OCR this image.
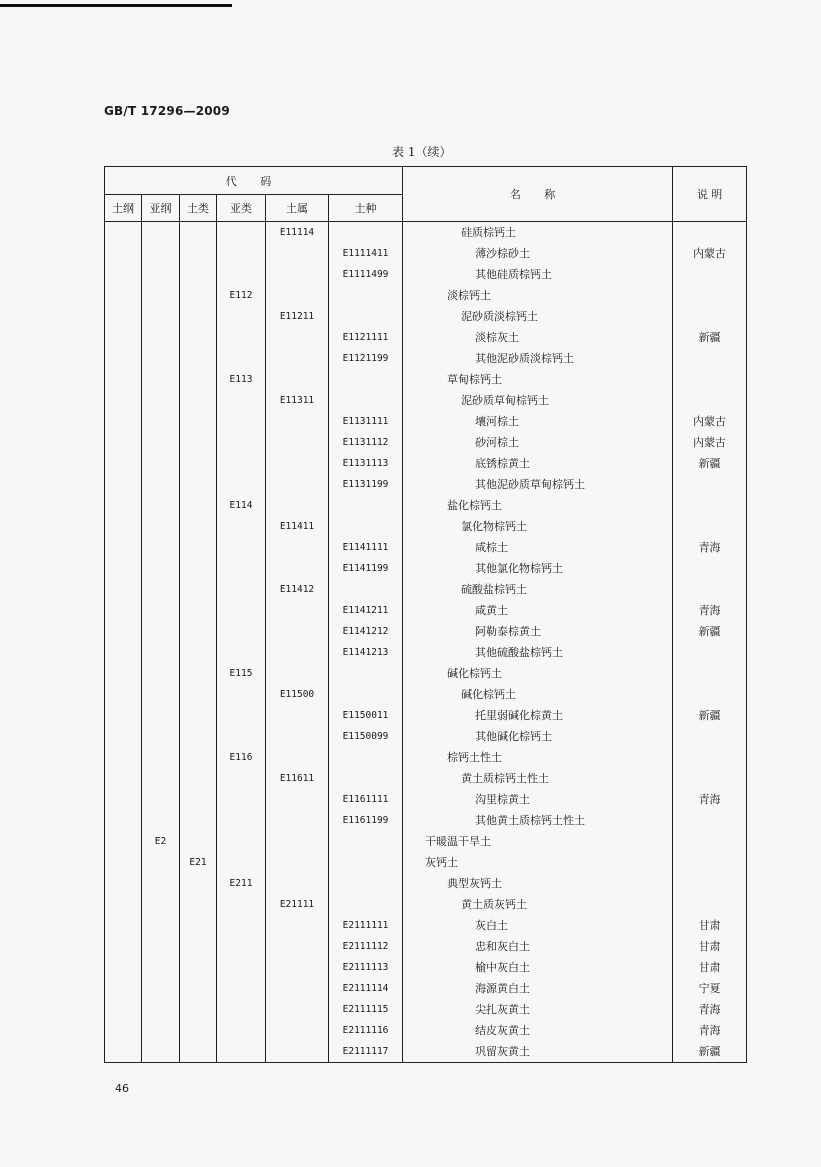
GB/T 17296—2009
表 1（续）
代 码						名 称	说 明
土纲	亚纲	土类	亚类	土属	土种		
				E11114		硅质棕钙土	
					E1111411	薄沙棕砂土	内蒙古
					E1111499	其他硅质棕钙土	
			E112			淡棕钙土	
				E11211		泥砂质淡棕钙土	
					E1121111	淡棕灰土	新疆
					E1121199	其他泥砂质淡棕钙土	
			E113			草甸棕钙土	
				E11311		泥砂质草甸棕钙土	
					E1131111	壤河棕土	内蒙古
					E1131112	砂河棕土	内蒙古
					E1131113	底锈棕黄土	新疆
					E1131199	其他泥砂质草甸棕钙土	
			E114			盐化棕钙土	
				E11411		氯化物棕钙土	
					E1141111	咸棕土	青海
					E1141199	其他氯化物棕钙土	
				E11412		硫酸盐棕钙土	
					E1141211	咸黄土	青海
					E1141212	阿勒泰棕黄土	新疆
					E1141213	其他硫酸盐棕钙土	
			E115			碱化棕钙土	
				E11500		碱化棕钙土	
					E1150011	托里弱碱化棕黄土	新疆
					E1150099	其他碱化棕钙土	
			E116			棕钙土性土	
				E11611		黄土质棕钙土性土	
					E1161111	沟里棕黄土	青海
					E1161199	其他黄土质棕钙土性土	
	E2					干暖温干旱土	
		E21				灰钙土	
			E211			典型灰钙土	
				E21111		黄土质灰钙土	
					E2111111	灰白土	甘肃
					E2111112	忠和灰白土	甘肃
					E2111113	榆中灰白土	甘肃
					E2111114	海源黄白土	宁夏
					E2111115	尖扎灰黄土	青海
					E2111116	结皮灰黄土	青海
					E2111117	巩留灰黄土	新疆
46
